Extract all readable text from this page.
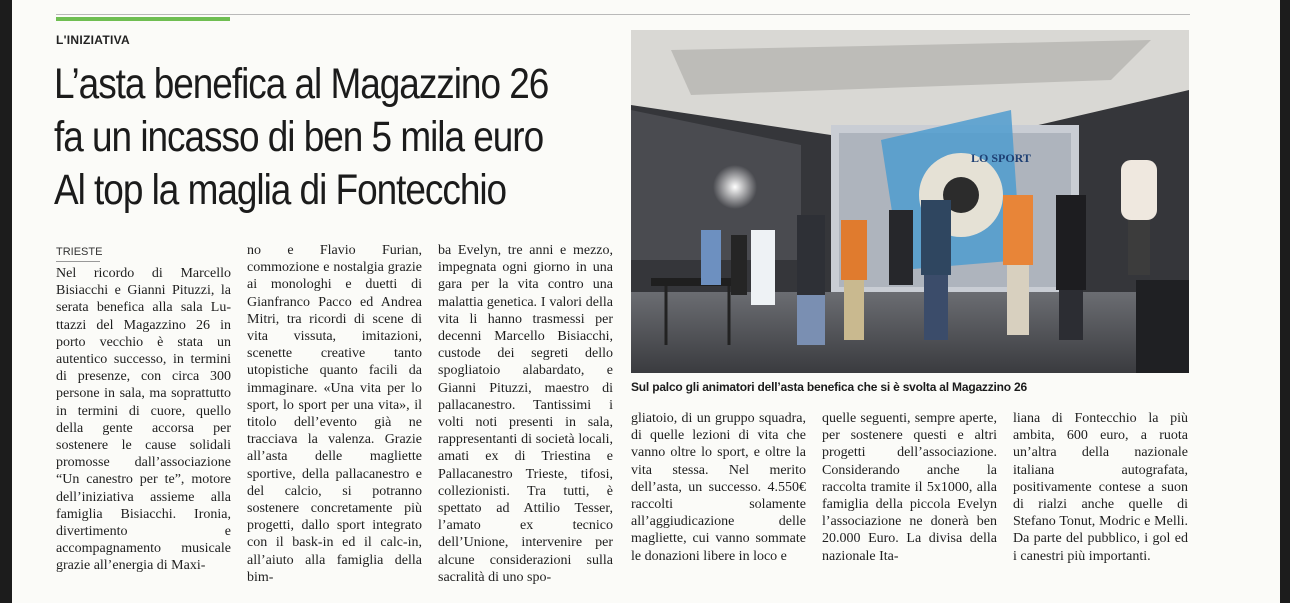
L'INIZIATIVA
L’asta benefica al Magazzino 26
fa un incasso di ben 5 mila euro
Al top la maglia di Fontecchio
TRIESTE

Nel ricordo di Marcello Bisiacchi e Gianni Pituzzi, la serata benefica alla sala Luttazzi del Magazzino 26 in porto vecchio è stata un autentico successo, in termini di presenze, con circa 300 persone in sala, ma soprattutto in termini di cuore, quello della gente accorsa per sostenere le cause solidali promosse dall’associazione “Un canestro per te”, motore dell’iniziativa assieme alla famiglia Bisiacchi. Ironia, divertimento e accompagnamento musicale grazie all’energia di Maxi-

no e Flavio Furian, commozione e nostalgia grazie ai monologhi e duetti di Gianfranco Pacco ed Andrea Mitri, tra ricordi di scene di vita vissuta, imitazioni, scenette creative tanto utopistiche quanto facili da immaginare. «Una vita per lo sport, lo sport per una vita», il titolo dell’evento già ne tracciava la valenza. Grazie all’asta delle magliette sportive, della pallacanestro e del calcio, si potranno sostenere concretamente più progetti, dallo sport integrato con il bask-in ed il calc-in, all’aiuto alla famiglia della bim-

ba Evelyn, tre anni e mezzo, impegnata ogni giorno in una gara per la vita contro una malattia genetica. I valori della vita li hanno trasmessi per decenni Marcello Bisiacchi, custode dei segreti dello spogliatoio alabardato, e Gianni Pituzzi, maestro di pallacanestro. Tantissimi i volti noti presenti in sala, rappresentanti di società locali, amati ex di Triestina e Pallacanestro Trieste, tifosi, collezionisti. Tra tutti, è spettato ad Attilio Tesser, l’amato ex tecnico dell’Unione, intervenire per alcune considerazioni sulla sacralità di uno spo-

gliatoio, di un gruppo squadra, di quelle lezioni di vita che vanno oltre lo sport, e oltre la vita stessa. Nel merito dell’asta, un successo. 4.550€ raccolti solamente all’aggiudicazione delle magliette, cui vanno sommate le donazioni libere in loco e

quelle seguenti, sempre aperte, per sostenere questi e altri progetti dell’associazione. Considerando anche la raccolta tramite il 5x1000, alla famiglia della piccola Evelyn l’associazione ne donerà ben 20.000 Euro. La divisa della nazionale Ita-

liana di Fontecchio la più ambita, 600 euro, a ruota un’altra della nazionale italiana autografata, positivamente contese a suon di rialzi anche quelle di Stefano Tonut, Modric e Melli. Da parte del pubblico, i gol ed i canestri più importanti.

LO SPORT
Sul palco gli animatori dell’asta benefica che si è svolta al Magazzino 26
